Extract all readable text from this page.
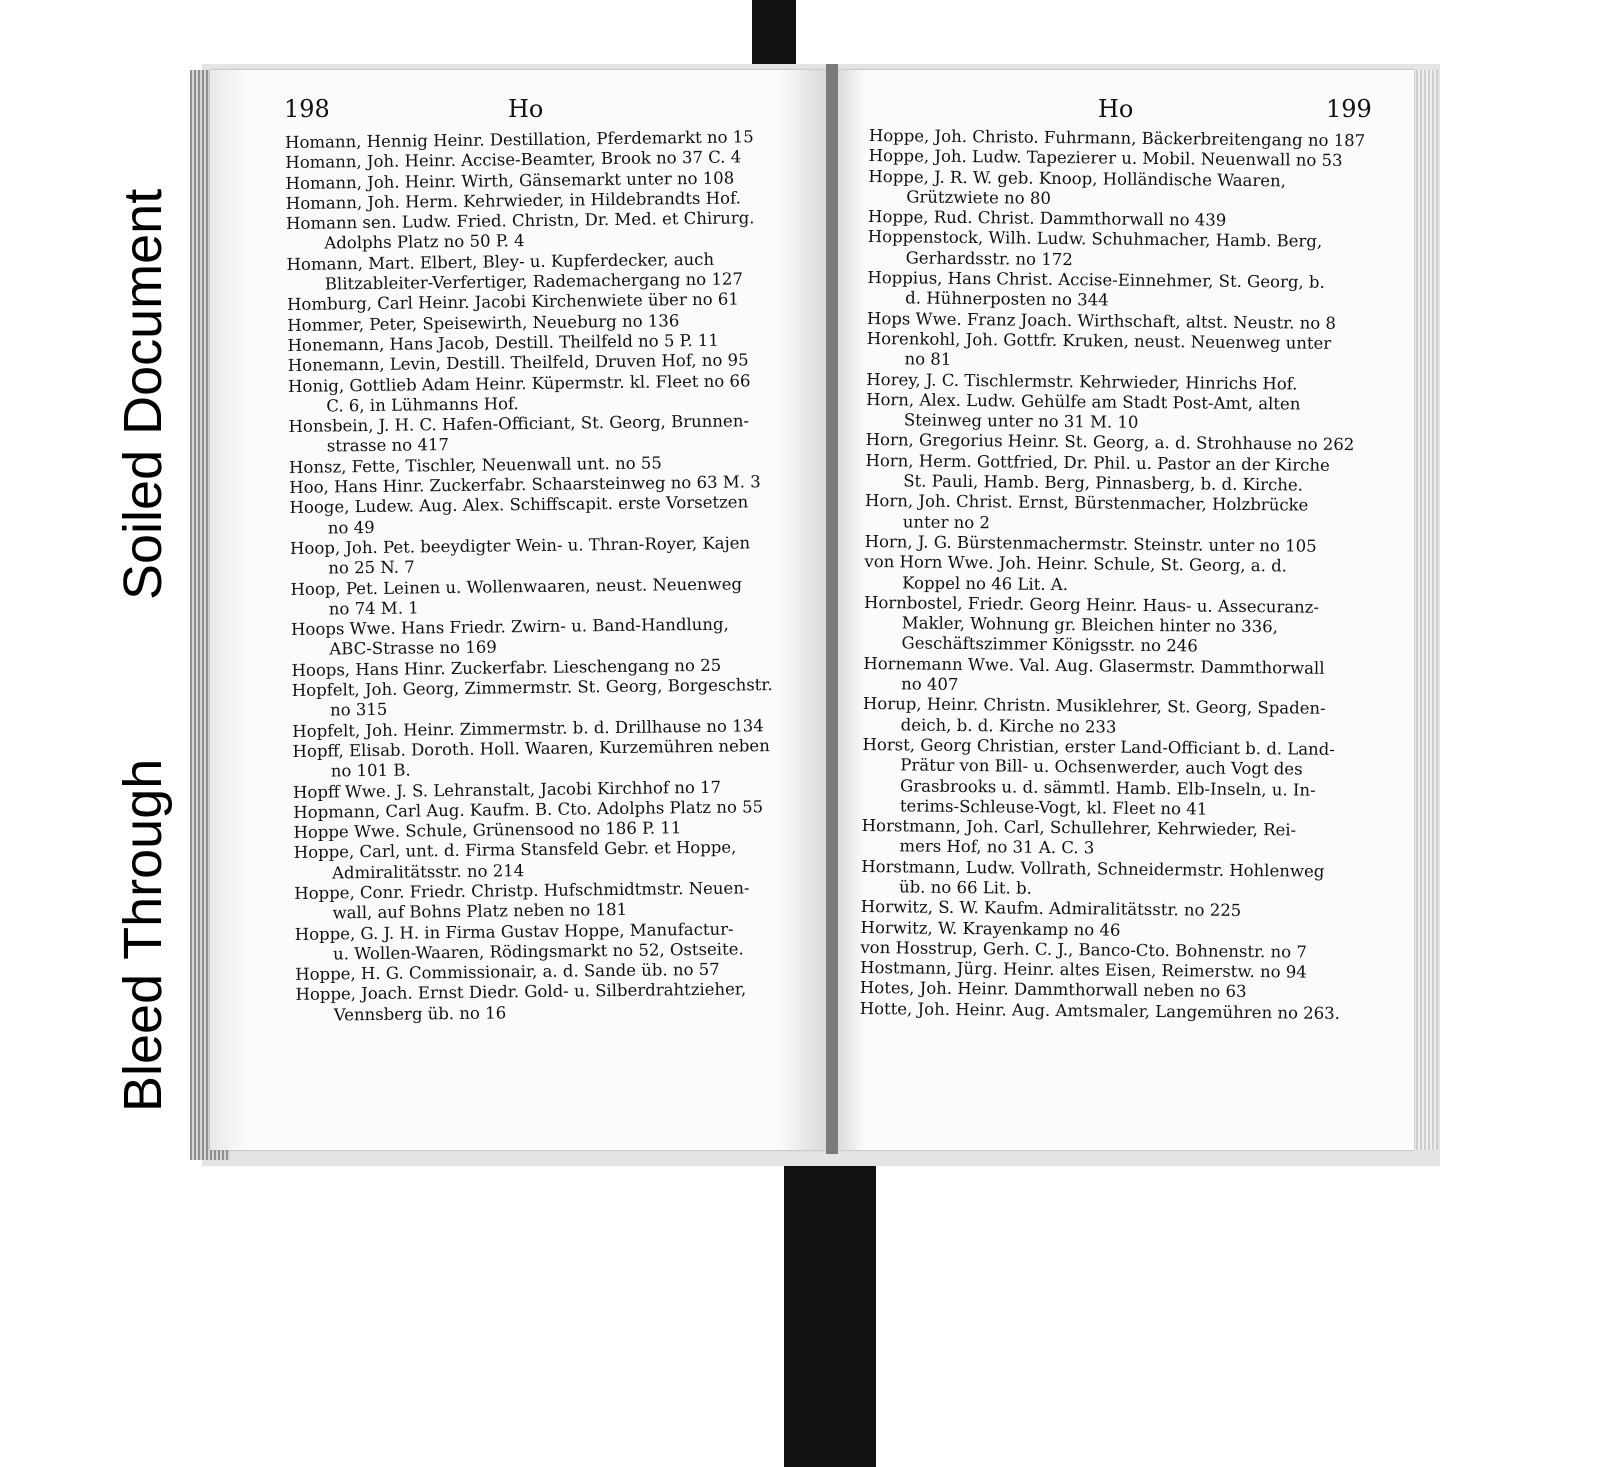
198	Ho	Ho	199
Homann, Hennig Heinr. Destillation, Pferdemarkt no 15
Homann, Joh. Heinr. Accise-Beamter, Brook no 37 C. 4
Homann, Joh. Heinr. Wirth, Gänsemarkt unter no 108
Homann, Joh. Herm. Kehrwieder, in Hildebrandts Hof.
Homann sen. Ludw. Fried. Christn, Dr. Med. et Chirurg.
Adolphs Platz no 50 P. 4
Homann, Mart. Elbert, Bley- u. Kupferdecker, auch
Blitzableiter-Verfertiger, Rademachergang no 127
Homburg, Carl Heinr. Jacobi Kirchenwiete über no 61
Hommer, Peter, Speisewirth, Neueburg no 136
Honemann, Hans Jacob, Destill. Theilfeld no 5 P. 11
Honemann, Levin, Destill. Theilfeld, Druven Hof, no 95
Honig, Gottlieb Adam Heinr. Küpermstr. kl. Fleet no 66
C. 6, in Lühmanns Hof.
Honsbein, J. H. C. Hafen-Officiant, St. Georg, Brunnen-
strasse no 417
Honsz, Fette, Tischler, Neuenwall unt. no 55
Hoo, Hans Hinr. Zuckerfabr. Schaarsteinweg no 63 M. 3
Hooge, Ludew. Aug. Alex. Schiffscapit. erste Vorsetzen
no 49
Hoop, Joh. Pet. beeydigter Wein- u. Thran-Royer, Kajen
no 25 N. 7
Hoop, Pet. Leinen u. Wollenwaaren, neust. Neuenweg
no 74 M. 1
Hoops Wwe. Hans Friedr. Zwirn- u. Band-Handlung,
ABC-Strasse no 169
Hoops, Hans Hinr. Zuckerfabr. Lieschengang no 25
Hopfelt, Joh. Georg, Zimmermstr. St. Georg, Borgeschstr.
no 315
Hopfelt, Joh. Heinr. Zimmermstr. b. d. Drillhause no 134
Hopff, Elisab. Doroth. Holl. Waaren, Kurzemühren neben
no 101 B.
Hopff Wwe. J. S. Lehranstalt, Jacobi Kirchhof no 17
Hopmann, Carl Aug. Kaufm. B. Cto. Adolphs Platz no 55
Hoppe Wwe. Schule, Grünensood no 186 P. 11
Hoppe, Carl, unt. d. Firma Stansfeld Gebr. et Hoppe,
Admiralitätsstr. no 214
Hoppe, Conr. Friedr. Christp. Hufschmidtmstr. Neuen-
wall, auf Bohns Platz neben no 181
Hoppe, G. J. H. in Firma Gustav Hoppe, Manufactur-
u. Wollen-Waaren, Rödingsmarkt no 52, Ostseite.
Hoppe, H. G. Commissionair, a. d. Sande üb. no 57
Hoppe, Joach. Ernst Diedr. Gold- u. Silberdrahtzieher,
Vennsberg üb. no 16
Hoppe, Joh. Christo. Fuhrmann, Bäckerbreitengang no 187
Hoppe, Joh. Ludw. Tapezierer u. Mobil. Neuenwall no 53
Hoppe, J. R. W. geb. Knoop, Holländische Waaren,
Grützwiete no 80
Hoppe, Rud. Christ. Dammthorwall no 439
Hoppenstock, Wilh. Ludw. Schuhmacher, Hamb. Berg,
Gerhardsstr. no 172
Hoppius, Hans Christ. Accise-Einnehmer, St. Georg, b.
d. Hühnerposten no 344
Hops Wwe. Franz Joach. Wirthschaft, altst. Neustr. no 8
Horenkohl, Joh. Gottfr. Kruken, neust. Neuenweg unter
no 81
Horey, J. C. Tischlermstr. Kehrwieder, Hinrichs Hof.
Horn, Alex. Ludw. Gehülfe am Stadt Post-Amt, alten
Steinweg unter no 31 M. 10
Horn, Gregorius Heinr. St. Georg, a. d. Strohhause no 262
Horn, Herm. Gottfried, Dr. Phil. u. Pastor an der Kirche
St. Pauli, Hamb. Berg, Pinnasberg, b. d. Kirche.
Horn, Joh. Christ. Ernst, Bürstenmacher, Holzbrücke
unter no 2
Horn, J. G. Bürstenmachermstr. Steinstr. unter no 105
von Horn Wwe. Joh. Heinr. Schule, St. Georg, a. d.
Koppel no 46 Lit. A.
Hornbostel, Friedr. Georg Heinr. Haus- u. Assecuranz-
Makler, Wohnung gr. Bleichen hinter no 336,
Geschäftszimmer Königsstr. no 246
Hornemann Wwe. Val. Aug. Glasermstr. Dammthorwall
no 407
Horup, Heinr. Christn. Musiklehrer, St. Georg, Spaden-
deich, b. d. Kirche no 233
Horst, Georg Christian, erster Land-Officiant b. d. Land-
Prätur von Bill- u. Ochsenwerder, auch Vogt des
Grasbrooks u. d. sämmtl. Hamb. Elb-Inseln, u. In-
terims-Schleuse-Vogt, kl. Fleet no 41
Horstmann, Joh. Carl, Schullehrer, Kehrwieder, Rei-
mers Hof, no 31 A. C. 3
Horstmann, Ludw. Vollrath, Schneidermstr. Hohlenweg
üb. no 66 Lit. b.
Horwitz, S. W. Kaufm. Admiralitätsstr. no 225
Horwitz, W. Krayenkamp no 46
von Hosstrup, Gerh. C. J., Banco-Cto. Bohnenstr. no 7
Hostmann, Jürg. Heinr. altes Eisen, Reimerstw. no 94
Hotes, Joh. Heinr. Dammthorwall neben no 63
Hotte, Joh. Heinr. Aug. Amtsmaler, Langemühren no 263.
Bleed Through
Soiled Document
